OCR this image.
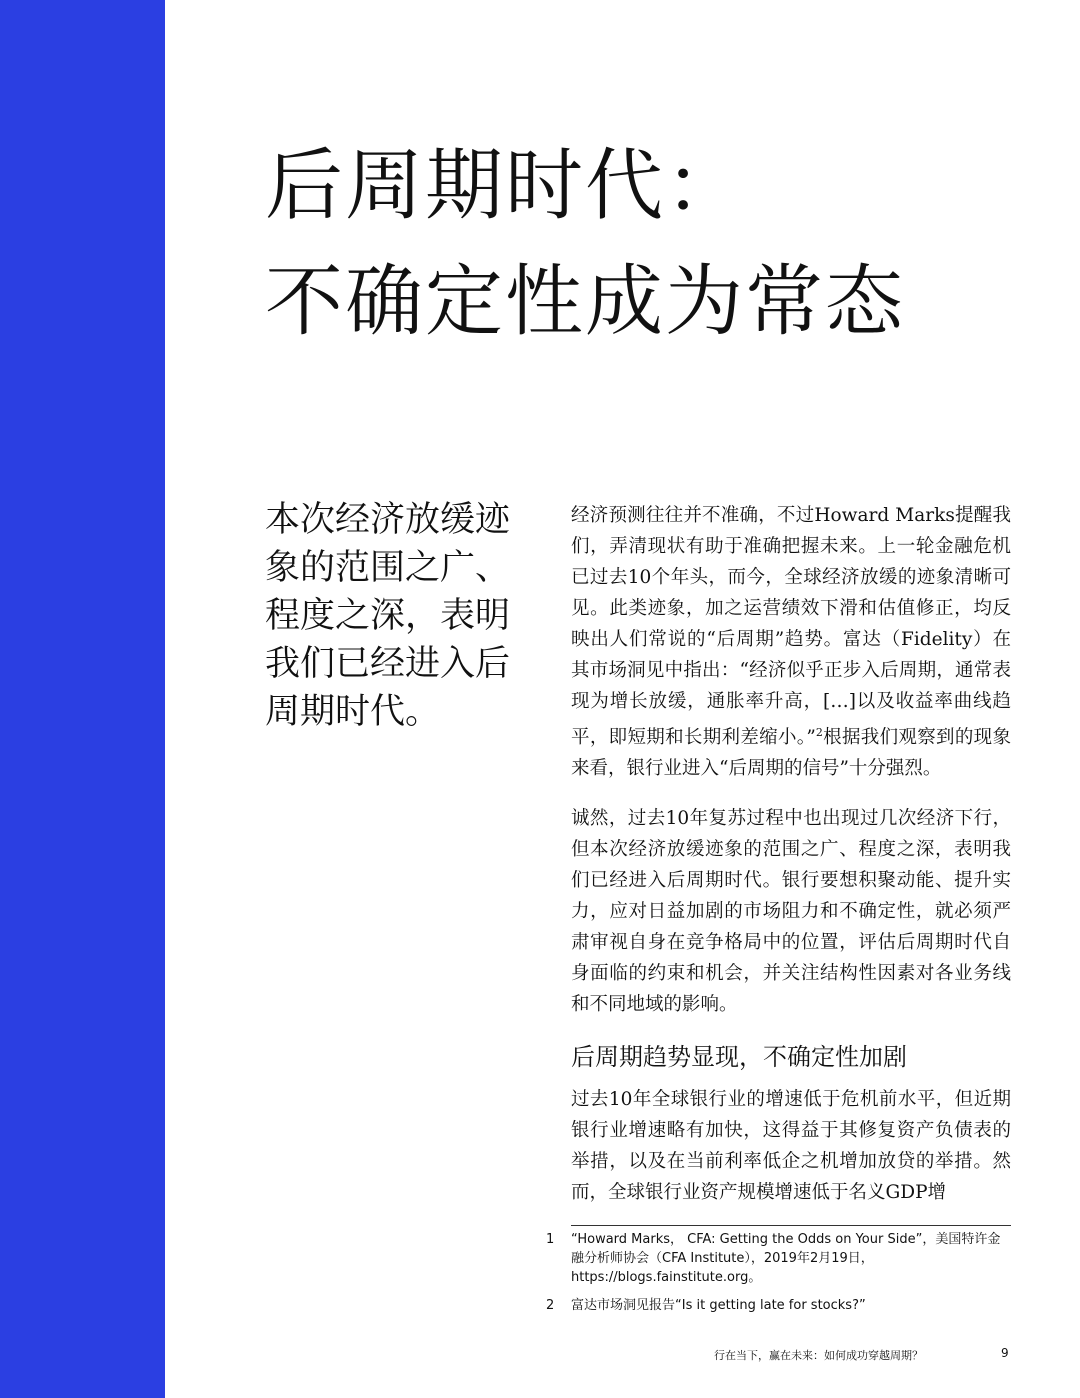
后周期时代：
不确定性成为常态

本次经济放缓迹象的范围之广、程度之深，表明我们已经进入后周期时代。

经济预测往往并不准确，不过Howard Marks提醒我们，弄清现状有助于准确把握未来。上一轮金融危机已过去10个年头，而今，全球经济放缓的迹象清晰可见。此类迹象，加之运营绩效下滑和估值修正，均反映出人们常说的“后周期”趋势。富达（Fidelity）在其市场洞见中指出：“经济似乎正步入后周期，通常表现为增长放缓，通胀率升高，[…]以及收益率曲线趋平，即短期和长期利差缩小。”$^2$根据我们观察到的现象来看，银行业进入“后周期的信号”十分强烈。

诚然，过去10年复苏过程中也出现过几次经济下行，但本次经济放缓迹象的范围之广、程度之深，表明我们已经进入后周期时代。银行要想积聚动能、提升实力，应对日益加剧的市场阻力和不确定性，就必须严肃审视自身在竞争格局中的位置，评估后周期时代自身面临的约束和机会，并关注结构性因素对各业务线和不同地域的影响。

后周期趋势显现，不确定性加剧

过去10年全球银行业的增速低于危机前水平，但近期银行业增速略有加快，这得益于其修复资产负债表的举措，以及在当前利率低企之机增加放贷的举措。然而，全球银行业资产规模增速低于名义GDP增

1	“Howard Marks， CFA: Getting the Odds on Your Side”，美国特许金融分析师协会（CFA Institute），2019年2月19日，https://blogs.fainstitute.org。
2	富达市场洞见报告“Is it getting late for stocks?”
行在当下，赢在未来：如何成功穿越周期？	9
